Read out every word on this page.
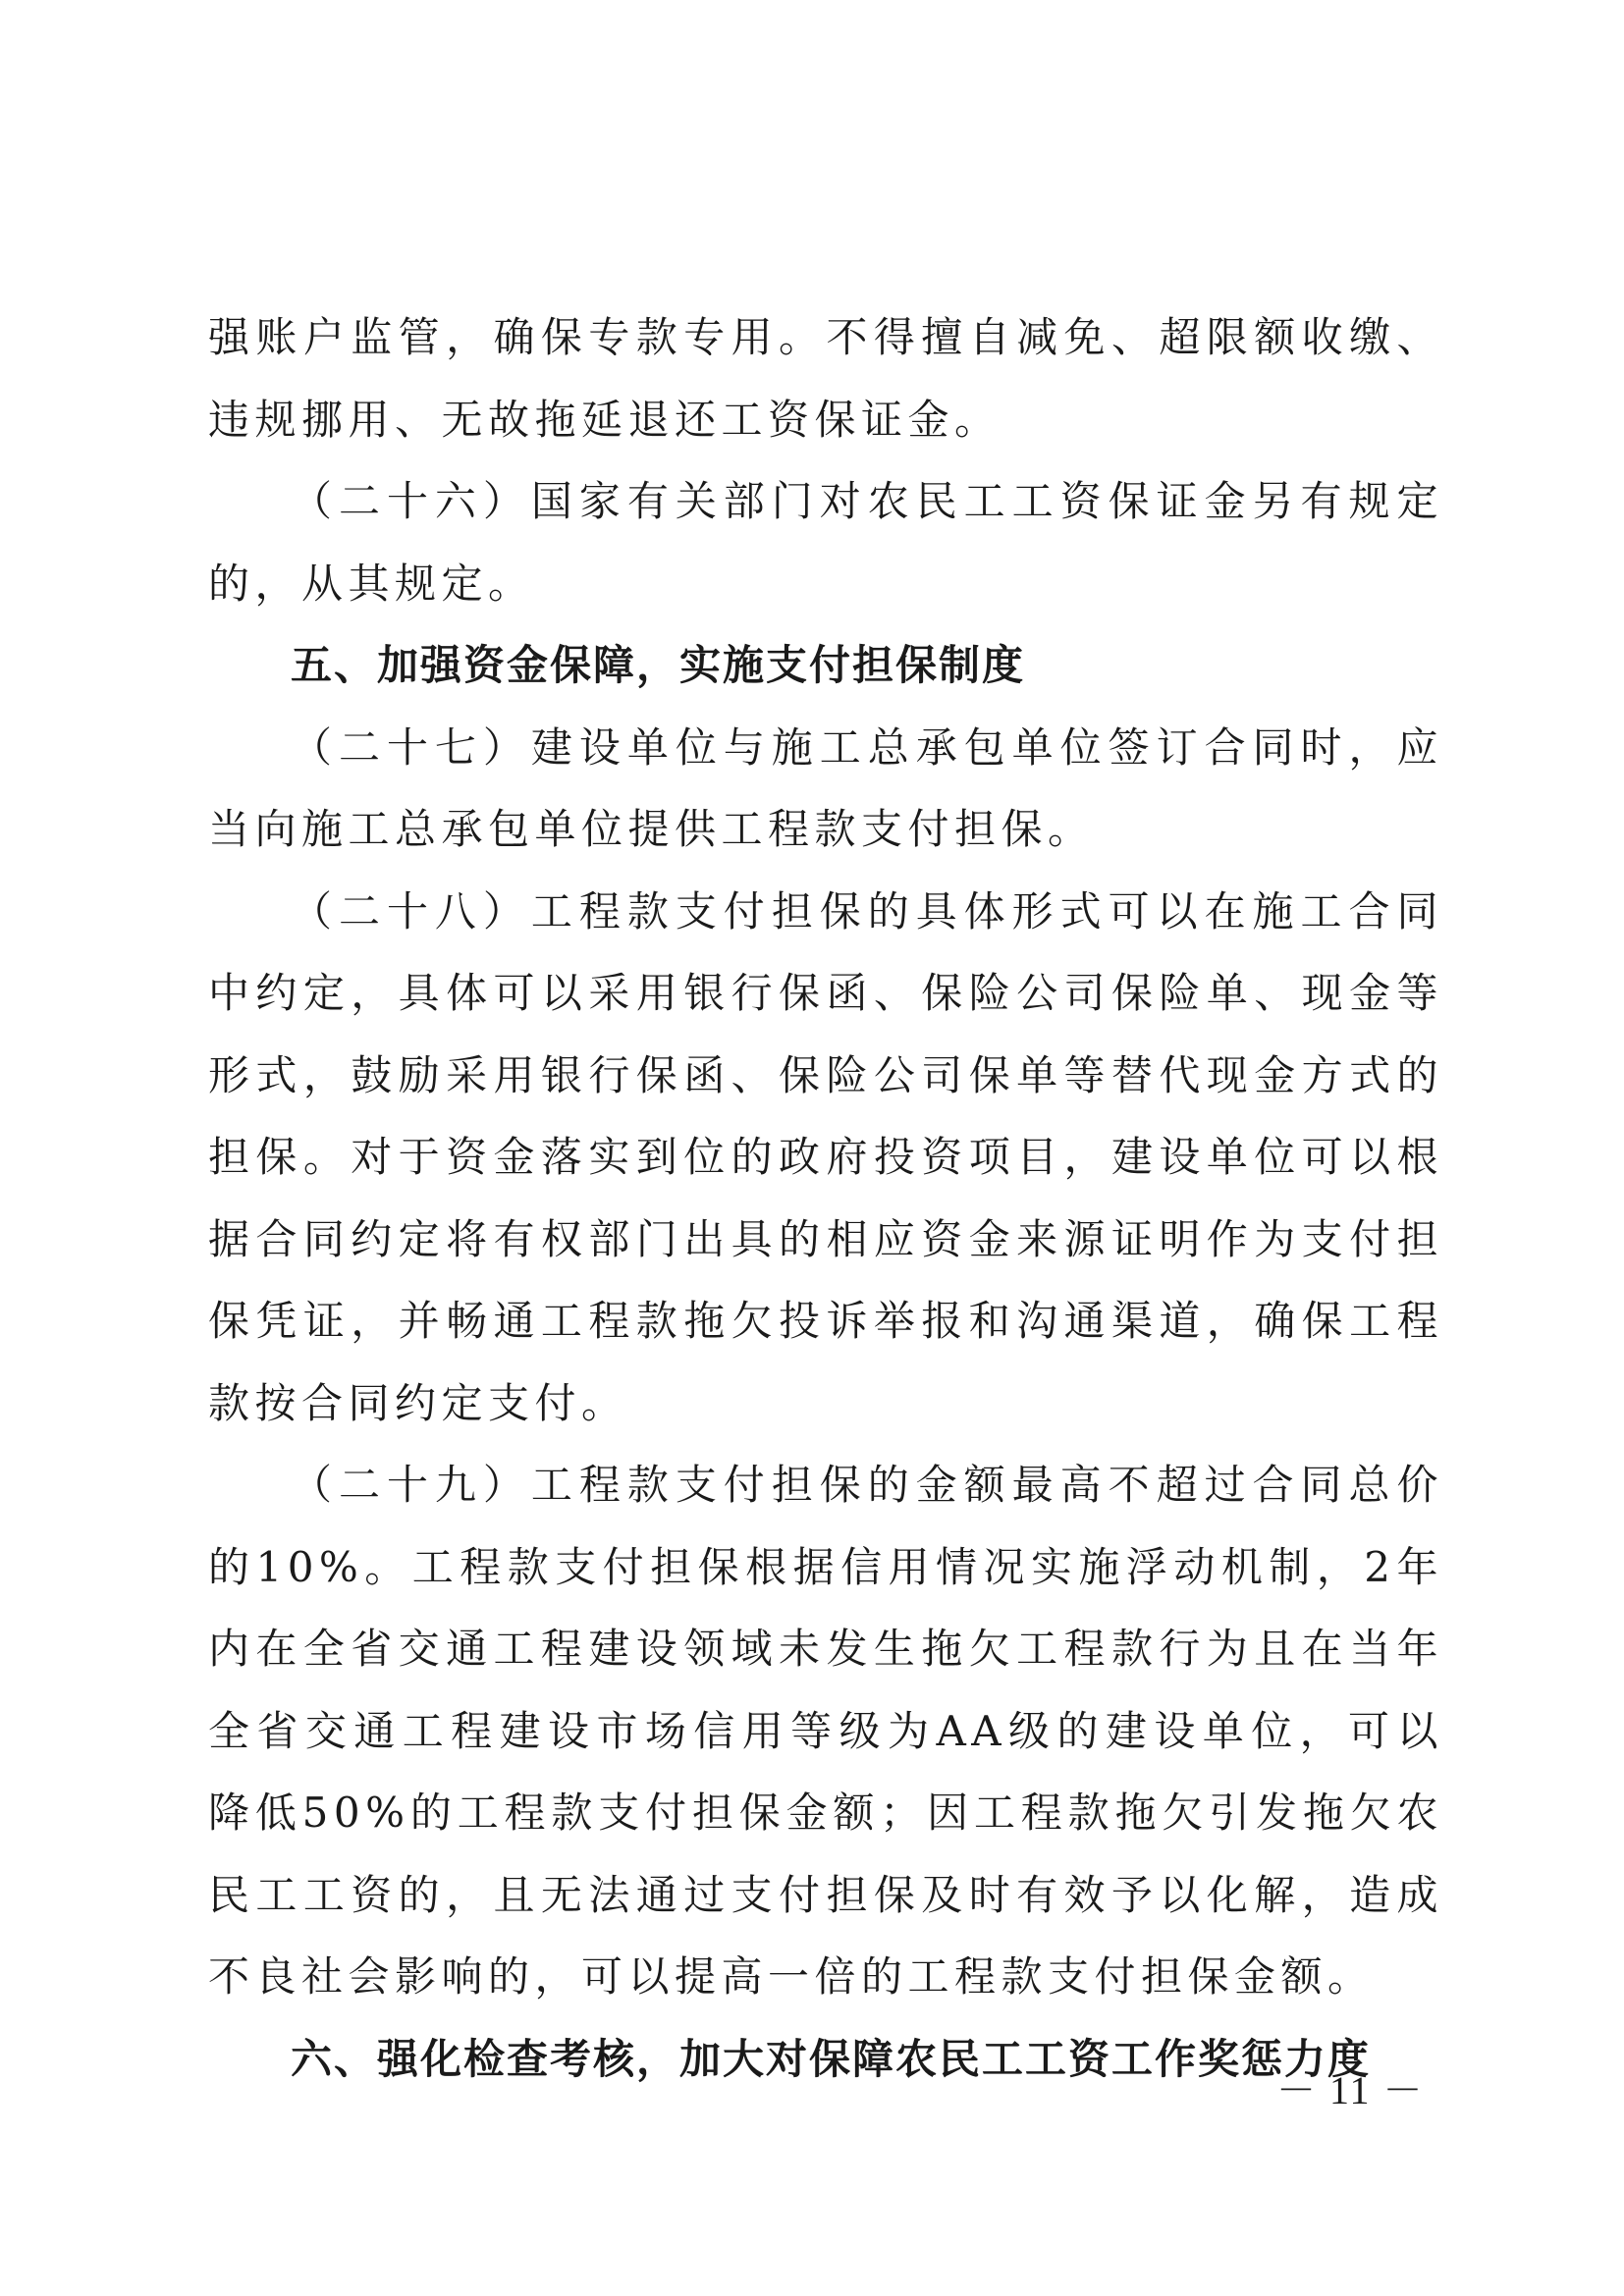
强账户监管，确保专款专用。不得擅自减免、超限额收缴、违规挪用、无故拖延退还工资保证金。

（二十六）国家有关部门对农民工工资保证金另有规定的，从其规定。

五、加强资金保障，实施支付担保制度

（二十七）建设单位与施工总承包单位签订合同时，应当向施工总承包单位提供工程款支付担保。

（二十八）工程款支付担保的具体形式可以在施工合同中约定，具体可以采用银行保函、保险公司保险单、现金等形式，鼓励采用银行保函、保险公司保单等替代现金方式的担保。对于资金落实到位的政府投资项目，建设单位可以根据合同约定将有权部门出具的相应资金来源证明作为支付担保凭证，并畅通工程款拖欠投诉举报和沟通渠道，确保工程款按合同约定支付。

（二十九）工程款支付担保的金额最高不超过合同总价的10%。工程款支付担保根据信用情况实施浮动机制，2年内在全省交通工程建设领域未发生拖欠工程款行为且在当年全省交通工程建设市场信用等级为AA级的建设单位，可以降低50%的工程款支付担保金额；因工程款拖欠引发拖欠农民工工资的，且无法通过支付担保及时有效予以化解，造成不良社会影响的，可以提高一倍的工程款支付担保金额。

六、强化检查考核，加大对保障农民工工资工作奖惩力度

－ 11 －
